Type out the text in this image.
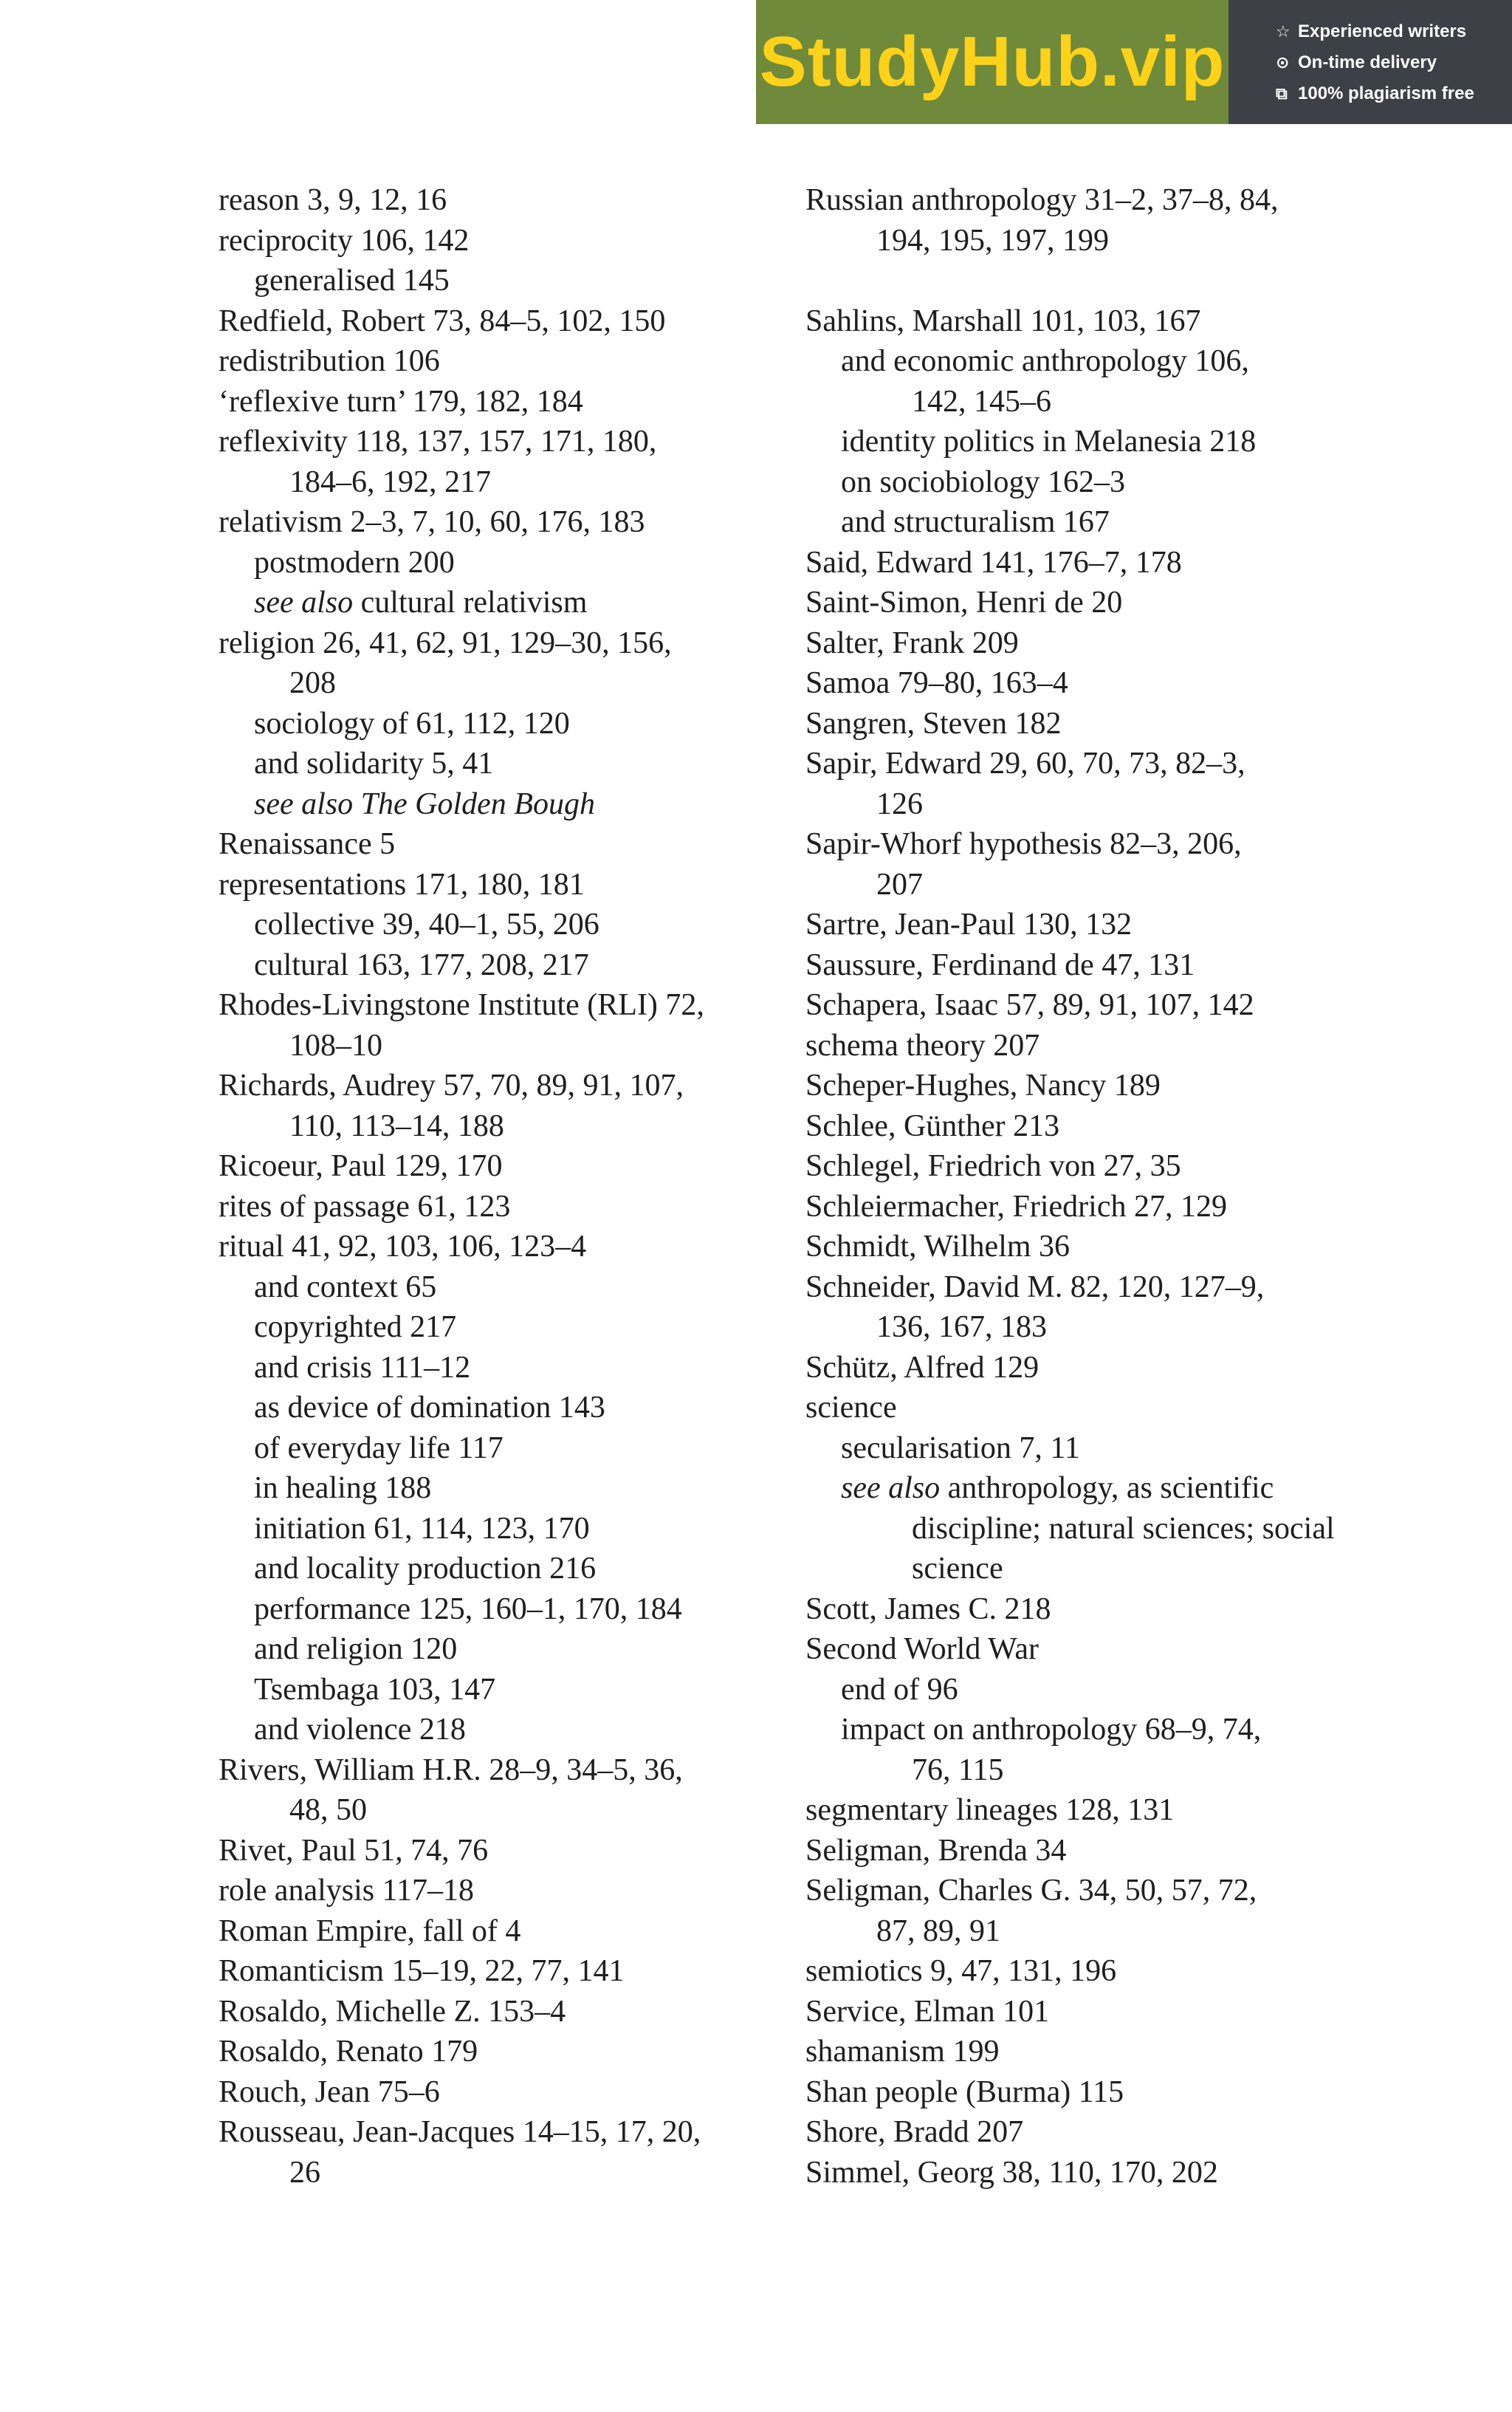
StudyHub.vip	☆ Experienced writers
⊙ On-time delivery
⧉ 100% plagiarism free
reason 3, 9, 12, 16
reciprocity 106, 142
generalised 145
Redfield, Robert 73, 84–5, 102, 150
redistribution 106
‘reflexive turn’ 179, 182, 184
reflexivity 118, 137, 157, 171, 180,
184–6, 192, 217
relativism 2–3, 7, 10, 60, 176, 183
postmodern 200
see also cultural relativism
religion 26, 41, 62, 91, 129–30, 156,
208
sociology of 61, 112, 120
and solidarity 5, 41
see also The Golden Bough
Renaissance 5
representations 171, 180, 181
collective 39, 40–1, 55, 206
cultural 163, 177, 208, 217
Rhodes-Livingstone Institute (RLI) 72,
108–10
Richards, Audrey 57, 70, 89, 91, 107,
110, 113–14, 188
Ricoeur, Paul 129, 170
rites of passage 61, 123
ritual 41, 92, 103, 106, 123–4
and context 65
copyrighted 217
and crisis 111–12
as device of domination 143
of everyday life 117
in healing 188
initiation 61, 114, 123, 170
and locality production 216
performance 125, 160–1, 170, 184
and religion 120
Tsembaga 103, 147
and violence 218
Rivers, William H.R. 28–9, 34–5, 36,
48, 50
Rivet, Paul 51, 74, 76
role analysis 117–18
Roman Empire, fall of 4
Romanticism 15–19, 22, 77, 141
Rosaldo, Michelle Z. 153–4
Rosaldo, Renato 179
Rouch, Jean 75–6
Rousseau, Jean-Jacques 14–15, 17, 20,
26
Russian anthropology 31–2, 37–8, 84,
194, 195, 197, 199
Sahlins, Marshall 101, 103, 167
and economic anthropology 106,
142, 145–6
identity politics in Melanesia 218
on sociobiology 162–3
and structuralism 167
Said, Edward 141, 176–7, 178
Saint-Simon, Henri de 20
Salter, Frank 209
Samoa 79–80, 163–4
Sangren, Steven 182
Sapir, Edward 29, 60, 70, 73, 82–3,
126
Sapir-Whorf hypothesis 82–3, 206,
207
Sartre, Jean-Paul 130, 132
Saussure, Ferdinand de 47, 131
Schapera, Isaac 57, 89, 91, 107, 142
schema theory 207
Scheper-Hughes, Nancy 189
Schlee, Günther 213
Schlegel, Friedrich von 27, 35
Schleiermacher, Friedrich 27, 129
Schmidt, Wilhelm 36
Schneider, David M. 82, 120, 127–9,
136, 167, 183
Schütz, Alfred 129
science
secularisation 7, 11
see also anthropology, as scientific
discipline; natural sciences; social
science
Scott, James C. 218
Second World War
end of 96
impact on anthropology 68–9, 74,
76, 115
segmentary lineages 128, 131
Seligman, Brenda 34
Seligman, Charles G. 34, 50, 57, 72,
87, 89, 91
semiotics 9, 47, 131, 196
Service, Elman 101
shamanism 199
Shan people (Burma) 115
Shore, Bradd 207
Simmel, Georg 38, 110, 170, 202
